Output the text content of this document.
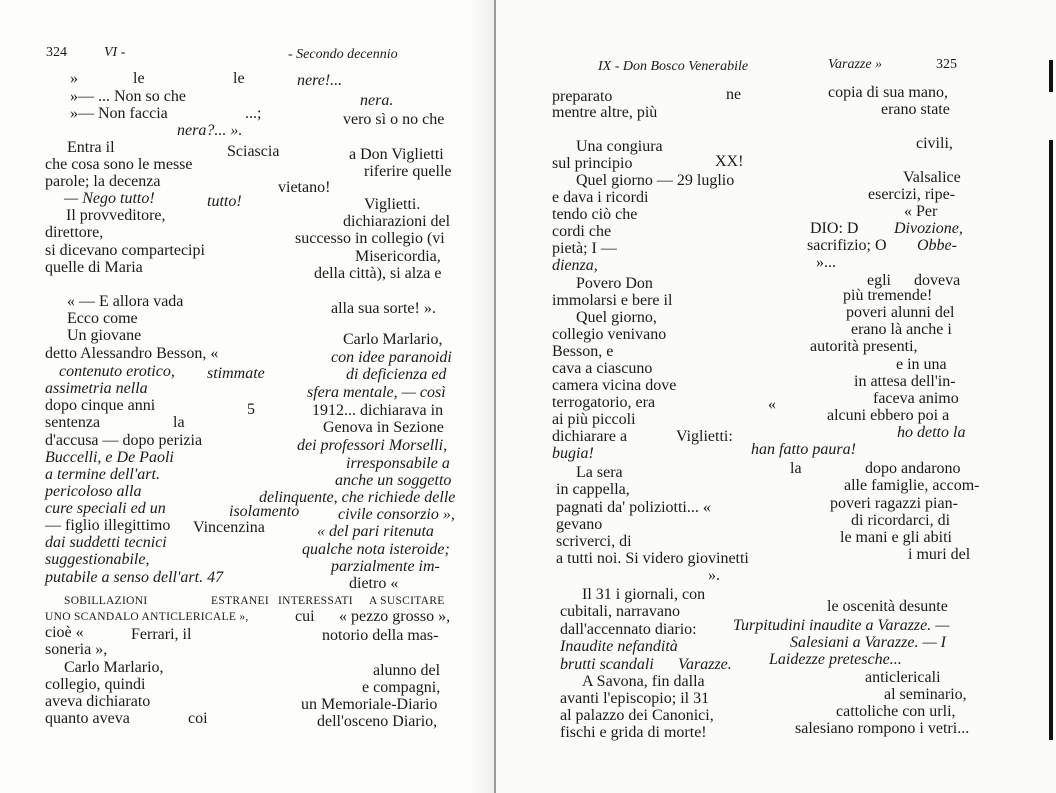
324	VI -	- Secondo decennio
»	le	le	nere!...
»— ... Non so che	nera.
»— Non faccia	...;	vero sì o no che
nera?... ».
Entra il	Sciascia	a Don Viglietti
che cosa sono le messe	riferire quelle
parole; la decenza	vietano!
— Nego tutto!	tutto!	Viglietti.
Il provveditore,	dichiarazioni del
direttore,	successo in collegio (vi
si dicevano compartecipi	Misericordia,
quelle di Maria	della città), si alza e
« — E allora vada	alla sua sorte! ».
Ecco come
Un giovane	Carlo Marlario,
detto Alessandro Besson, «	con idee paranoidi
contenuto erotico, stimmate	di deficienza ed
assimetria nella	sfera mentale, — così
dopo cinque anni	5	1912... dichiarava in
sentenza	la	Genova in Sezione
d'accusa — dopo perizia	dei professori Morselli,
Buccelli, e De Paoli	irresponsabile a
a termine dell'art.	anche un soggetto
pericoloso alla	delinquente, che richiede delle
cure speciali ed un	isolamento civile consorzio »,
— figlio illegittimo Vincenzina	« del pari ritenuta
dai suddetti tecnici	qualche nota isteroide;
suggestionabile,	parzialmente im-
putabile a senso dell'art. 47	dietro «
SOBILLAZIONI	ESTRANEI INTERESSATI A SUSCITARE
UNO SCANDALO ANTICLERICALE »,	cui « pezzo grosso »,
cioè «	Ferrari, il	notorio della mas-
soneria »,
Carlo Marlario,	alunno del
collegio, quindi	e compagni,
aveva dichiarato	un Memoriale-Diario
quanto aveva	coi	dell'osceno Diario,
IX - Don Bosco Venerabile	Varazze »	325
preparato	ne	copia di sua mano,
mentre altre, più	erano state
civili,
Una congiura
sul principio	XX!
Quel giorno — 29 luglio	Valsalice
e dava i ricordi	esercizi, ripe-
tendo ciò che	« Per
cordi che	DIO: D Divozione,
pietà; I —	sacrifizio; O Obbe-
dienza,	»...
Povero Don	egli doveva
immolarsi e bere il	più tremende!
Quel giorno,	poveri alunni del
collegio venivano	erano là anche i
Besson, e	autorità presenti,
cava a ciascuno	e in una
camera vicina dove	in attesa dell'in-
terrogatorio, era	«	faceva animo
ai più piccoli	alcuni ebbero poi a
dichiarare a	Viglietti:	ho detto la
bugia!	han fatto paura!
La sera	la	dopo andarono
in cappella,	alle famiglie, accom-
pagnati da' poliziotti... «	poveri ragazzi pian-
gevano	di ricordarci, di
scriverci, di	le mani e gli abiti
a tutti noi. Si videro giovinetti	i muri del
».
Il 31 i giornali, con
cubitali, narravano	le oscenità desunte
dall'accennato diario: Turpitudini inaudite a Varazze. —
Inaudite nefandità	Salesiani a Varazze. — I
brutti scandali Varazze. Laidezze pretesche...
A Savona, fin dalla	anticlericali
avanti l'episcopio; il 31	al seminario,
al palazzo dei Canonici,	cattoliche con urli,
fischi e grida di morte!	salesiano rompono i vetri...
